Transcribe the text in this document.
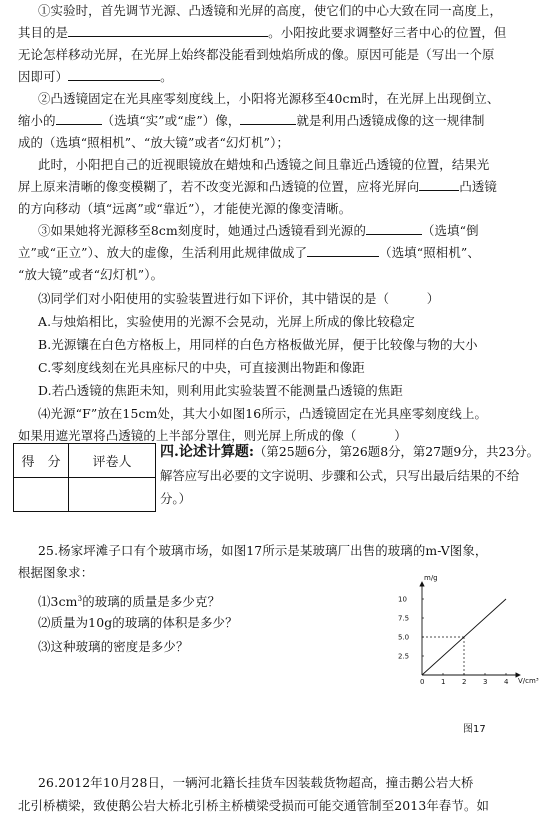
①实验时，首先调节光源、凸透镜和光屏的高度，使它们的中心大致在同一高度上，
其目的是	。小阳按此要求调整好三者中心的位置，但
无论怎样移动光屏，在光屏上始终都没能看到烛焰所成的像。原因可能是（写出一个原
因即可）	。
②凸透镜固定在光具座零刻度线上，小阳将光源移至40cm时，在光屏上出现倒立、
缩小的	（选填“实”或“虚”）像，	就是利用凸透镜成像的这一规律制
成的（选填“照相机”、“放大镜”或者“幻灯机”）；
此时，小阳把自己的近视眼镜放在蜡烛和凸透镜之间且靠近凸透镜的位置，结果光
屏上原来清晰的像变模糊了，若不改变光源和凸透镜的位置，应将光屏向	凸透镜
的方向移动（填“远离”或“靠近”），才能使光源的像变清晰。
③如果她将光源移至8cm刻度时，她通过凸透镜看到光源的	（选填“倒
立”或“正立”）、放大的虚像，生活利用此规律做成了	（选填“照相机”、
“放大镜”或者“幻灯机”）。
⑶同学们对小阳使用的实验装置进行如下评价，其中错误的是（　　　）
A.与烛焰相比，实验使用的光源不会晃动，光屏上所成的像比较稳定
B.光源镶在白色方格板上，用同样的白色方格板做光屏，便于比较像与物的大小
C.零刻度线刻在光具座标尺的中央，可直接测出物距和像距
D.若凸透镜的焦距未知，则利用此实验装置不能测量凸透镜的焦距
⑷光源“F”放在15cm处，其大小如图16所示，凸透镜固定在光具座零刻度线上。
如果用遮光罩将凸透镜的上半部分罩住，则光屏上所成的像（　　　）
得　分	评卷人

四.论述计算题:（第25题6分，第26题8分，第27题9分，共23分。解答应写出必要的文字说明、步骤和公式，只写出最后结果的不给分。）
25.杨家坪滩子口有个玻璃市场，如图17所示是某玻璃厂出售的玻璃的m-V图象，
根据图象求：
$⑴3cm^3$的玻璃的质量是多少克？
⑵质量为10g的玻璃的体积是多少？
⑶这种玻璃的密度是多少？
m/g
V/cm³
0 1 2 3 4
2.5
5.0
7.5
10
图17
26.2012年10月28日，一辆河北籍长挂货车因装载货物超高，撞击鹅公岩大桥
北引桥横梁，致使鹅公岩大桥北引桥主桥横梁受损而可能交通管制至2013年春节。如
